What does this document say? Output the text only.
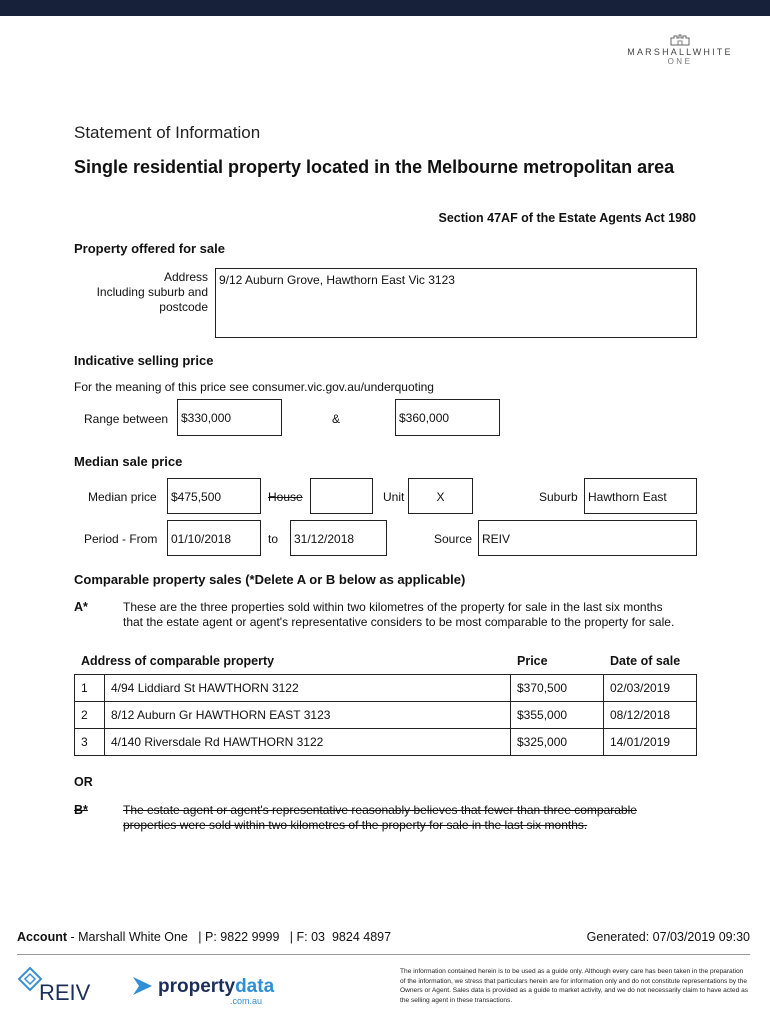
MARSHALLWHITE
ONE
Statement of Information
Single residential property located in the Melbourne metropolitan area
Section 47AF of the Estate Agents Act 1980
Property offered for sale
Address
Including suburb and
postcode
9/12 Auburn Grove, Hawthorn East Vic 3123
Indicative selling price
For the meaning of this price see consumer.vic.gov.au/underquoting
Range between	$330,000	&	$360,000
Median sale price
Median price	$475,500	House	Unit	X	Suburb Hawthorn East
Period - From	01/10/2018	to	31/12/2018	Source REIV
Comparable property sales (*Delete A or B below as applicable)
A*	These are the three properties sold within two kilometres of the property for sale in the last six months that the estate agent or agent's representative considers to be most comparable to the property for sale.
Address of comparable property	Price	Date of sale
1	4/94 Liddiard St HAWTHORN 3122	$370,500	02/03/2019
2	8/12 Auburn Gr HAWTHORN EAST 3123	$355,000	08/12/2018
3	4/140 Riversdale Rd HAWTHORN 3122	$325,000	14/01/2019
OR
B*	The estate agent or agent's representative reasonably believes that fewer than three comparable properties were sold within two kilometres of the property for sale in the last six months.
Account - Marshall White One   | P: 9822 9999   | F: 03  9824 4897	Generated: 07/03/2019 09:30
REIV	propertydata
.com.au
The information contained herein is to be used as a guide only. Although every care has been taken in the preparation of the information, we stress that particulars herein are for information only and do not constitute representations by the Owners or Agent. Sales data is provided as a guide to market activity, and we do not necessarily claim to have acted as the selling agent in these transactions.
